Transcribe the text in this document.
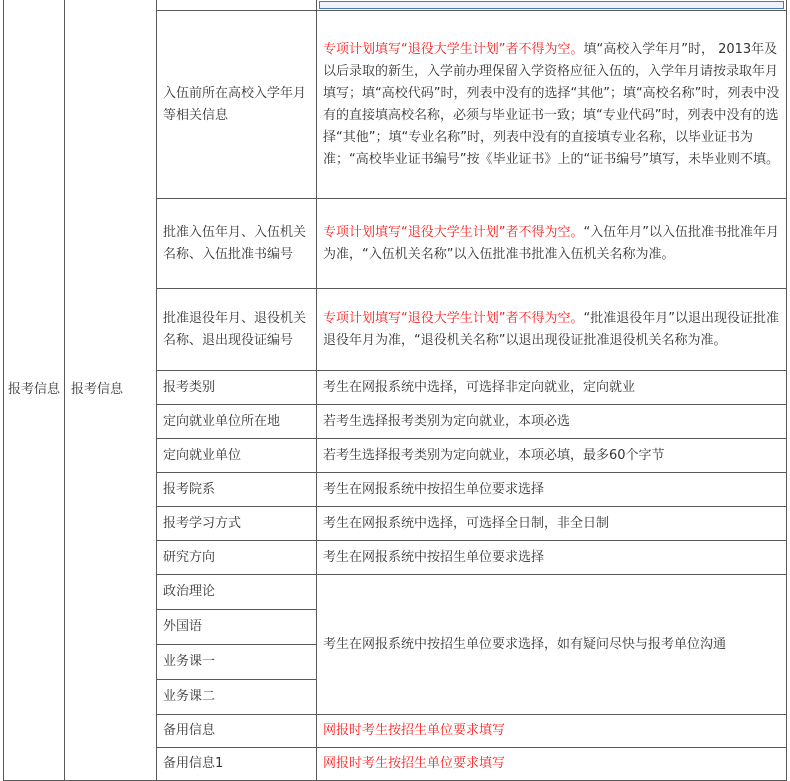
报考信息	报考信息		

		入伍前所在高校入学年月等相关信息	专项计划填写“退役大学生计划”者不得为空。填“高校入学年月”时， 2013年及以后录取的新生，入学前办理保留入学资格应征入伍的，入学年月请按录取年月填写；填“高校代码”时，列表中没有的选择“其他”；填“高校名称”时，列表中没有的直接填高校名称，必须与毕业证书一致；填“专业代码”时，列表中没有的选择“其他”；填“专业名称”时，列表中没有的直接填专业名称，以毕业证书为准；“高校毕业证书编号”按《毕业证书》上的“证书编号”填写，未毕业则不填。
		批准入伍年月、入伍机关名称、入伍批准书编号	专项计划填写“退役大学生计划”者不得为空。“入伍年月”以入伍批准书批准年月为准，“入伍机关名称”以入伍批准书批准入伍机关名称为准。
		批准退役年月、退役机关名称、退出现役证编号	专项计划填写“退役大学生计划”者不得为空。“批准退役年月”以退出现役证批准退役年月为准，“退役机关名称”以退出现役证批准退役机关名称为准。
		报考类别	考生在网报系统中选择，可选择非定向就业，定向就业
		定向就业单位所在地	若考生选择报考类别为定向就业，本项必选
		定向就业单位	若考生选择报考类别为定向就业，本项必填，最多60个字节
		报考院系	考生在网报系统中按招生单位要求选择
		报考学习方式	考生在网报系统中选择，可选择全日制，非全日制
		研究方向	考生在网报系统中按招生单位要求选择
		政治理论	考生在网报系统中按招生单位要求选择，如有疑问尽快与报考单位沟通
		外国语	
		业务课一	
		业务课二	
		备用信息	网报时考生按招生单位要求填写
		备用信息1	网报时考生按招生单位要求填写
